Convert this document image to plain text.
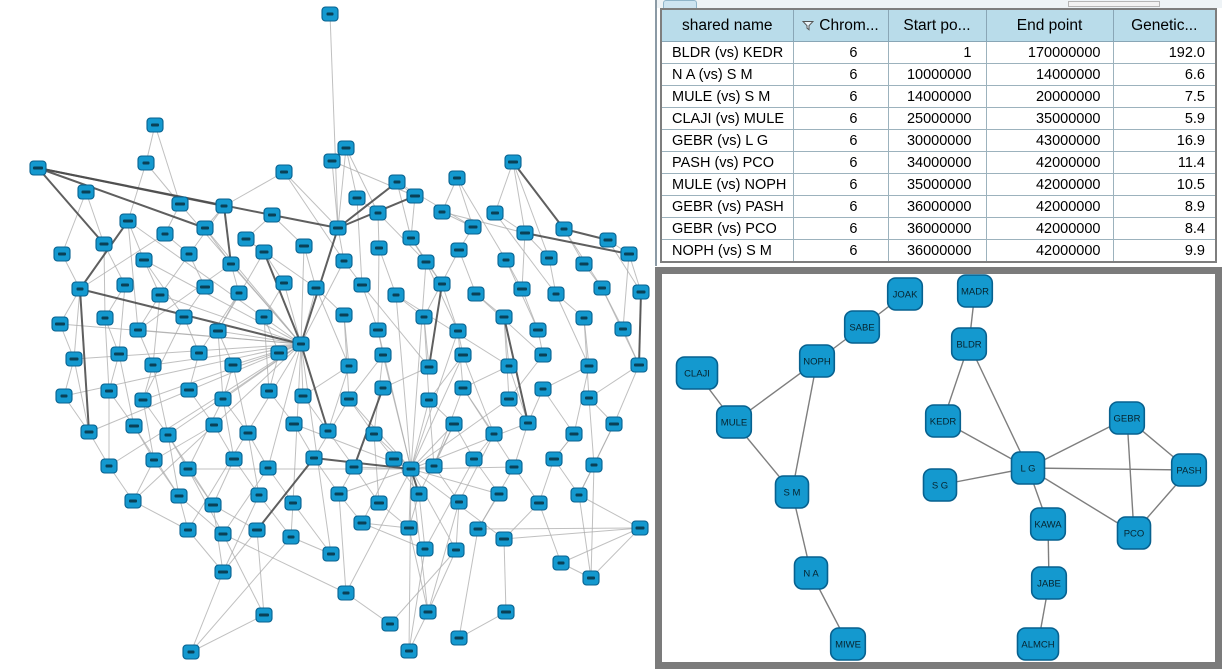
shared name	Chrom...	Start po...	End point	Genetic...
BLDR (vs) KEDR	6	1	170000000	192.0
N A (vs) S M	6	10000000	14000000	6.6
MULE (vs) S M	6	14000000	20000000	7.5
CLAJI (vs) MULE	6	25000000	35000000	5.9
GEBR (vs) L G	6	30000000	43000000	16.9
PASH (vs) PCO	6	34000000	42000000	11.4
MULE (vs) NOPH	6	35000000	42000000	10.5
GEBR (vs) PASH	6	36000000	42000000	8.9
GEBR (vs) PCO	6	36000000	42000000	8.4
NOPH (vs) S M	6	36000000	42000000	9.9
JOAK	MADR
SABE
NOPH
CLAJI
BLDR
MULE	KEDR	GEBR
L G
S G
PASH
S M
KAWA
PCO
N A
JABE
MIWE	ALMCH
